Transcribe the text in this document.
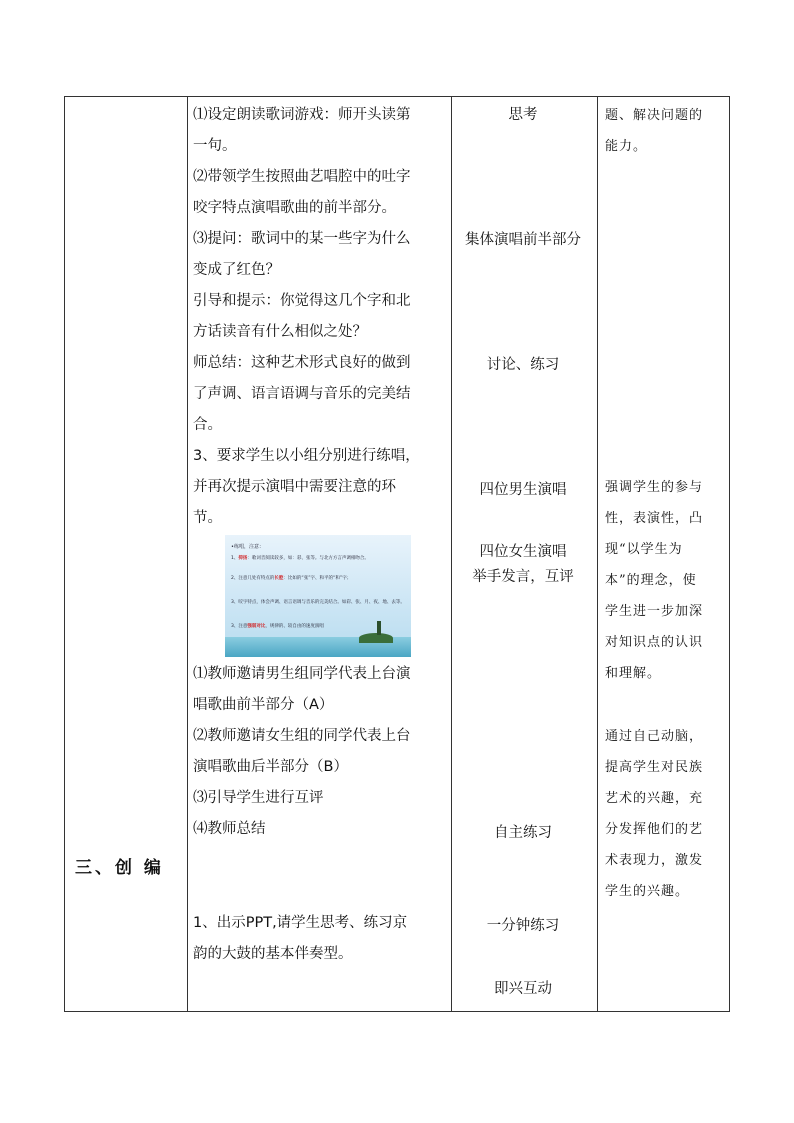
三、创 编
⑴设定朗读歌词游戏：师开头读第
一句。
⑵带领学生按照曲艺唱腔中的吐字
咬字特点演唱歌曲的前半部分。
⑶提问：歌词中的某一些字为什么
变成了红色？
引导和提示：你觉得这几个字和北
方话读音有什么相似之处？
师总结：这种艺术形式良好的做到
了声调、语言语调与音乐的完美结
合。
3、要求学生以小组分别进行练唱，
并再次提示演唱中需要注意的环
节。
•练唱，注意：
1、抑扬：歌词音阅读较多，如：彩、张等。与北方方言声调相吻合。
2、注意几处有特点的长腔：比如的“张”字、和平的“和”字；
3、咬字特点，体会声调、语言语调与音乐的完美结合。如彩、张、月、夜、地、去等。
3、注意强弱对比，规律的、较自由的速度演唱
⑴教师邀请男生组同学代表上台演
唱歌曲前半部分（A）
⑵教师邀请女生组的同学代表上台
演唱歌曲后半部分（B）
⑶引导学生进行互评
⑷教师总结
1、出示PPT,请学生思考、练习京
韵的大鼓的基本伴奏型。
思考
集体演唱前半部分
讨论、练习
四位男生演唱
四位女生演唱
举手发言，互评
自主练习
一分钟练习
即兴互动
题、解决问题的
能力。
强调学生的参与
性，表演性，凸
现“以学生为
本”的理念，使
学生进一步加深
对知识点的认识
和理解。
通过自己动脑，
提高学生对民族
艺术的兴趣，充
分发挥他们的艺
术表现力，激发
学生的兴趣。
